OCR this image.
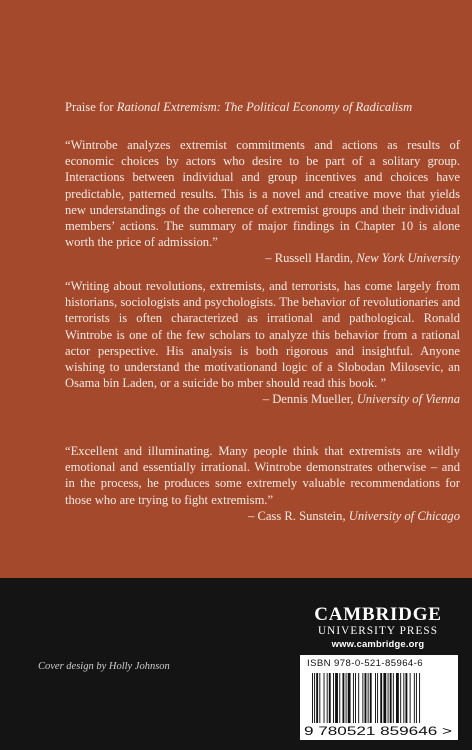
Praise for Rational Extremism: The Political Economy of Radicalism

“Wintrobe analyzes extremist commitments and actions as results of economic choices by actors who desire to be part of a solitary group. Interactions between individual and group incentives and choices have predictable, patterned results. This is a novel and creative move that yields new understandings of the coherence of extremist groups and their individual members’ actions. The summary of major findings in Chapter 10 is alone worth the price of admission.”

– Russell Hardin, New York University

“Writing about revolutions, extremists, and terrorists, has come largely from historians, sociologists and psychologists. The behavior of revolutionaries and terrorists is often characterized as irrational and pathological. Ronald Wintrobe is one of the few scholars to analyze this behavior from a rational actor perspective. His analysis is both rigorous and insightful. Anyone wishing to understand the motivationand logic of a Slobodan Milosevic, an Osama bin Laden, or a suicide bo mber should read this book. ”

– Dennis Mueller, University of Vienna

“Excellent and illuminating. Many people think that extremists are wildly emotional and essentially irrational. Wintrobe demonstrates otherwise – and in the process, he produces some extremely valuable recommendations for those who are trying to fight extremism.”

– Cass R. Sunstein, University of Chicago

CAMBRIDGE
UNIVERSITY PRESS
www.cambridge.org
Cover design by Holly Johnson
9 780521 859646 >
ISBN 978-0-521-85964-6
